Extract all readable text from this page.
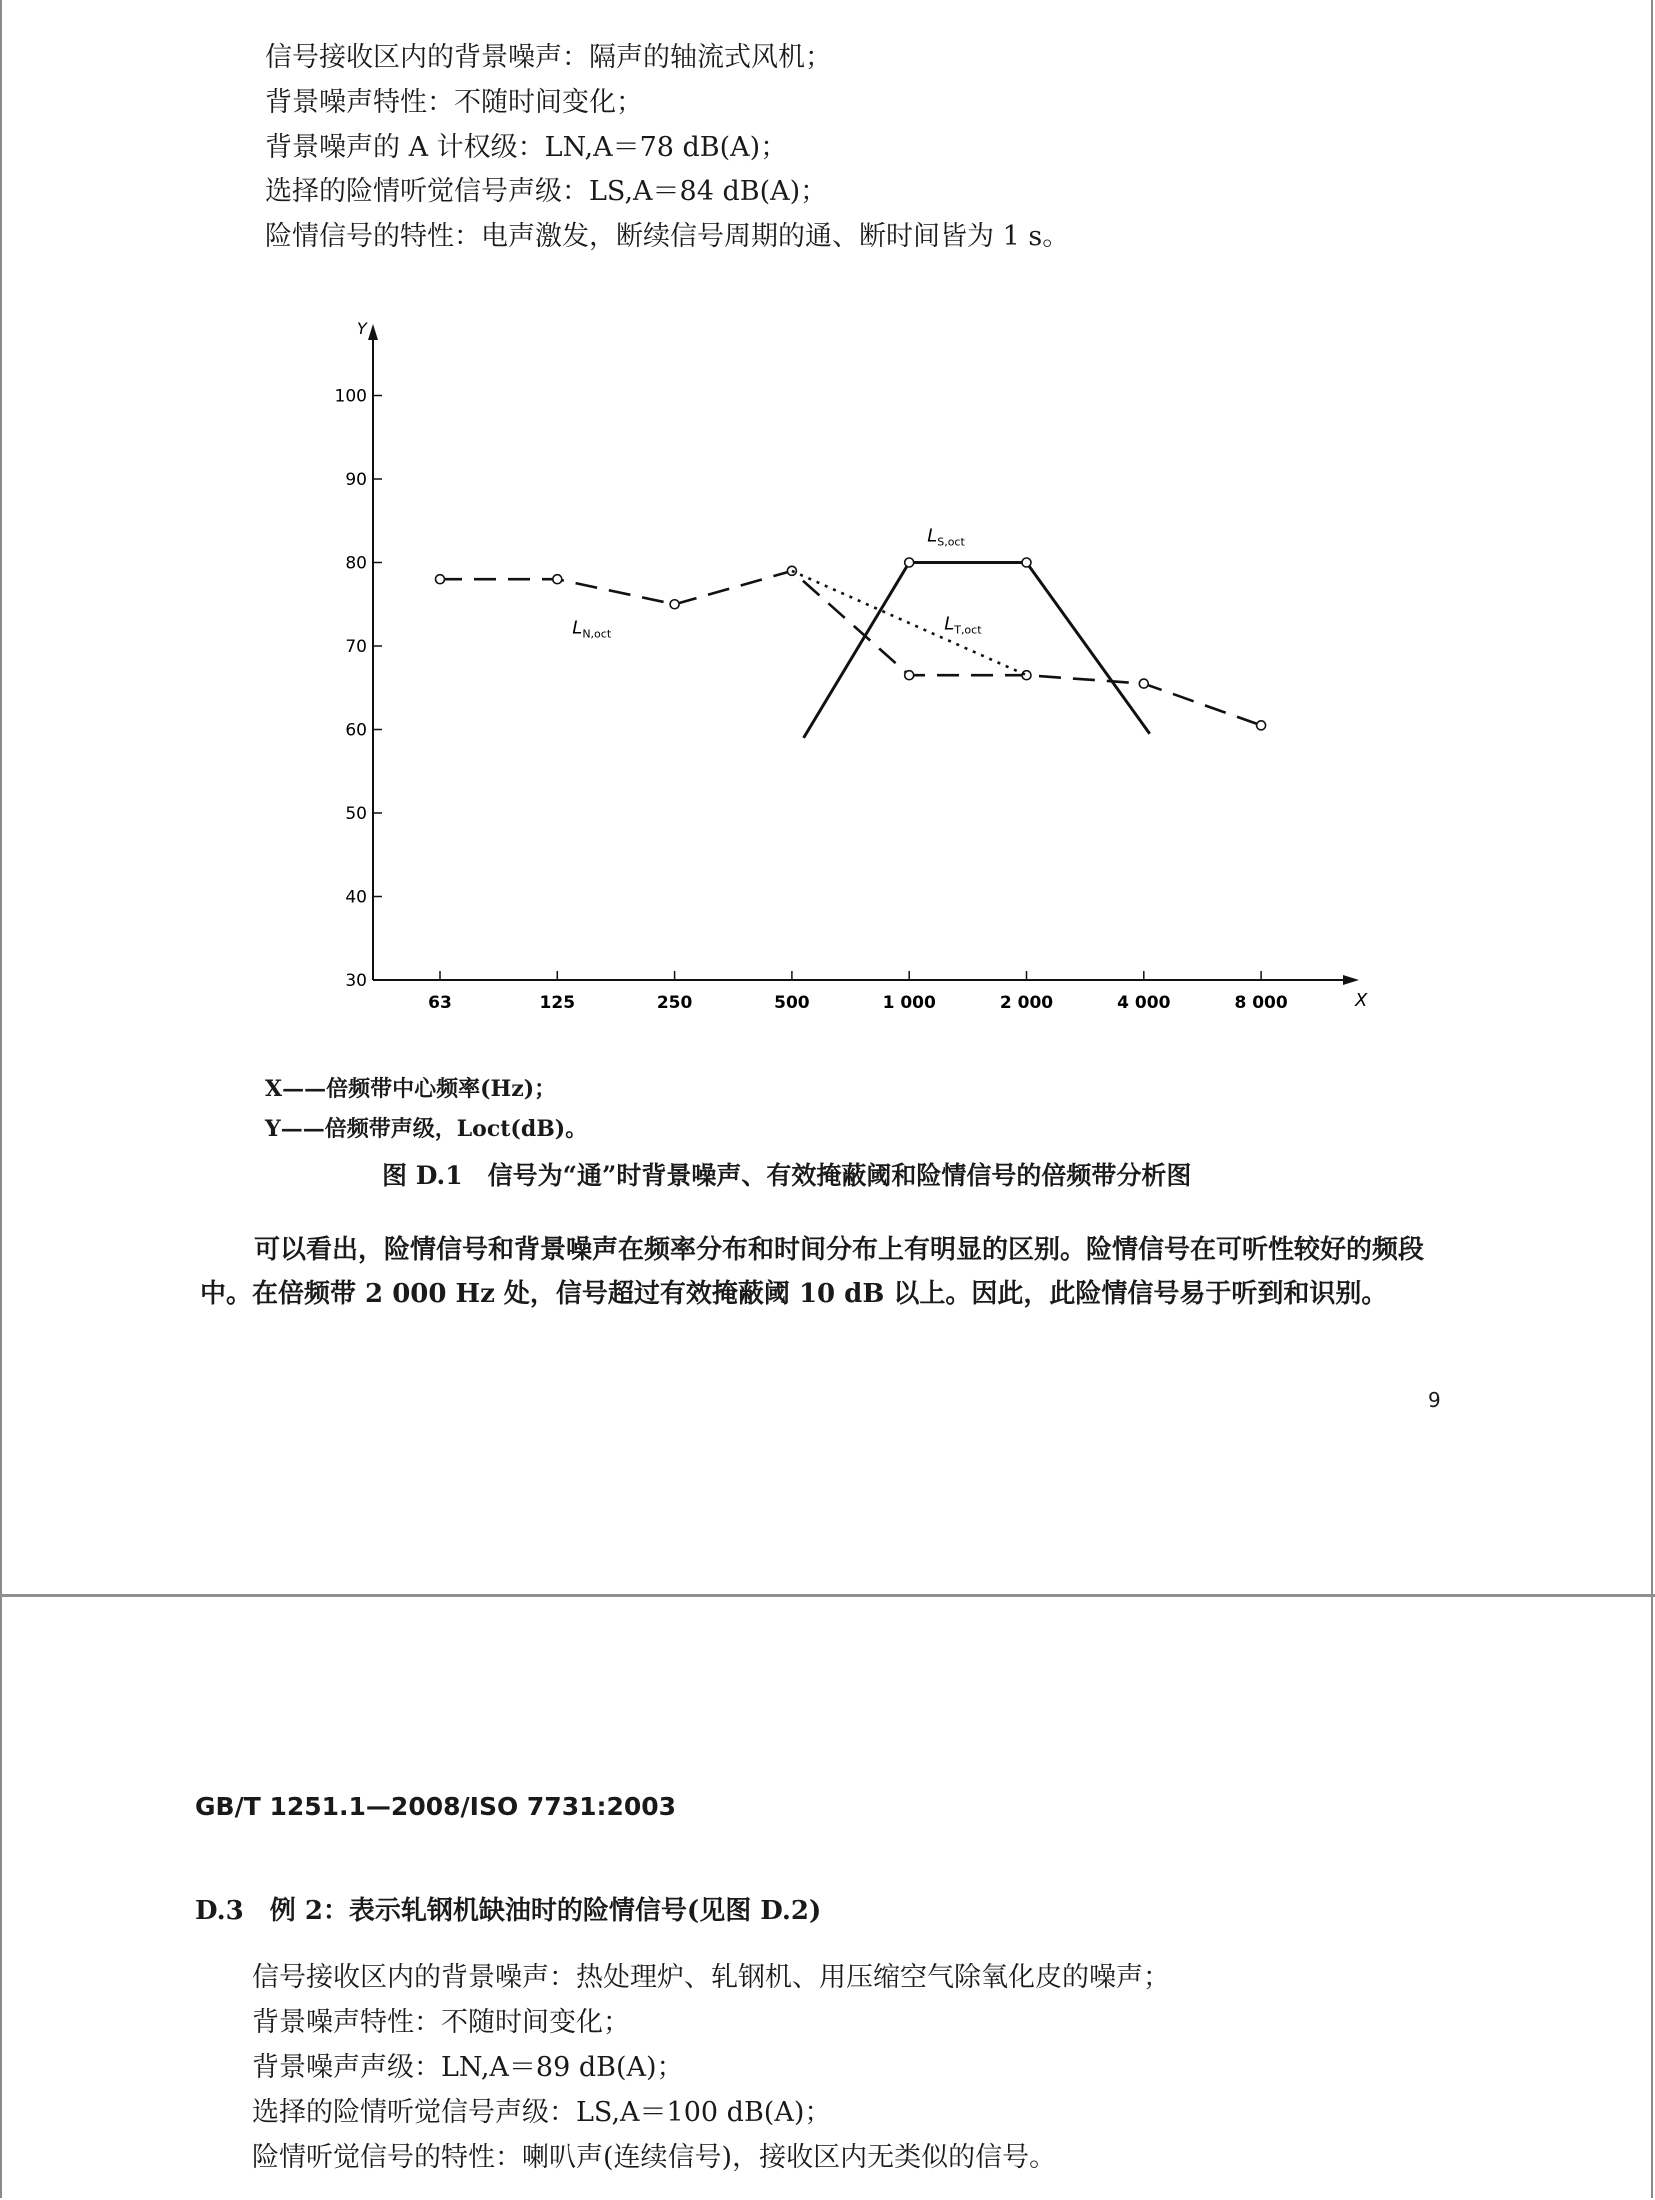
信号接收区内的背景噪声：隔声的轴流式风机；
背景噪声特性：不随时间变化；
背景噪声的 A 计权级：LN,A＝78 dB(A)；
选择的险情听觉信号声级：LS,A＝84 dB(A)；
险情信号的特性：电声激发，断续信号周期的通、断时间皆为 1 s。
X
Y
30
40
50
60
70
80
90
100
63	125	250	500	1 000	2 000	4 000	8 000
$L_{N,oct}$
$L_{S,oct}$
$L_{T,oct}$
X——倍频带中心频率(Hz)；
Y——倍频带声级，Loct(dB)。
图 D.1　信号为“通”时背景噪声、有效掩蔽阈和险情信号的倍频带分析图
可以看出，险情信号和背景噪声在频率分布和时间分布上有明显的区别。险情信号在可听性较好的频段中。在倍频带 2 000 Hz 处，信号超过有效掩蔽阈 10 dB 以上。因此，此险情信号易于听到和识别。
9
GB/T 1251.1—2008/ISO 7731:2003
D.3　例 2：表示轧钢机缺油时的险情信号(见图 D.2)
信号接收区内的背景噪声：热处理炉、轧钢机、用压缩空气除氧化皮的噪声；
背景噪声特性：不随时间变化；
背景噪声声级：LN,A＝89 dB(A)；
选择的险情听觉信号声级：LS,A＝100 dB(A)；
险情听觉信号的特性：喇叭声(连续信号)，接收区内无类似的信号。
